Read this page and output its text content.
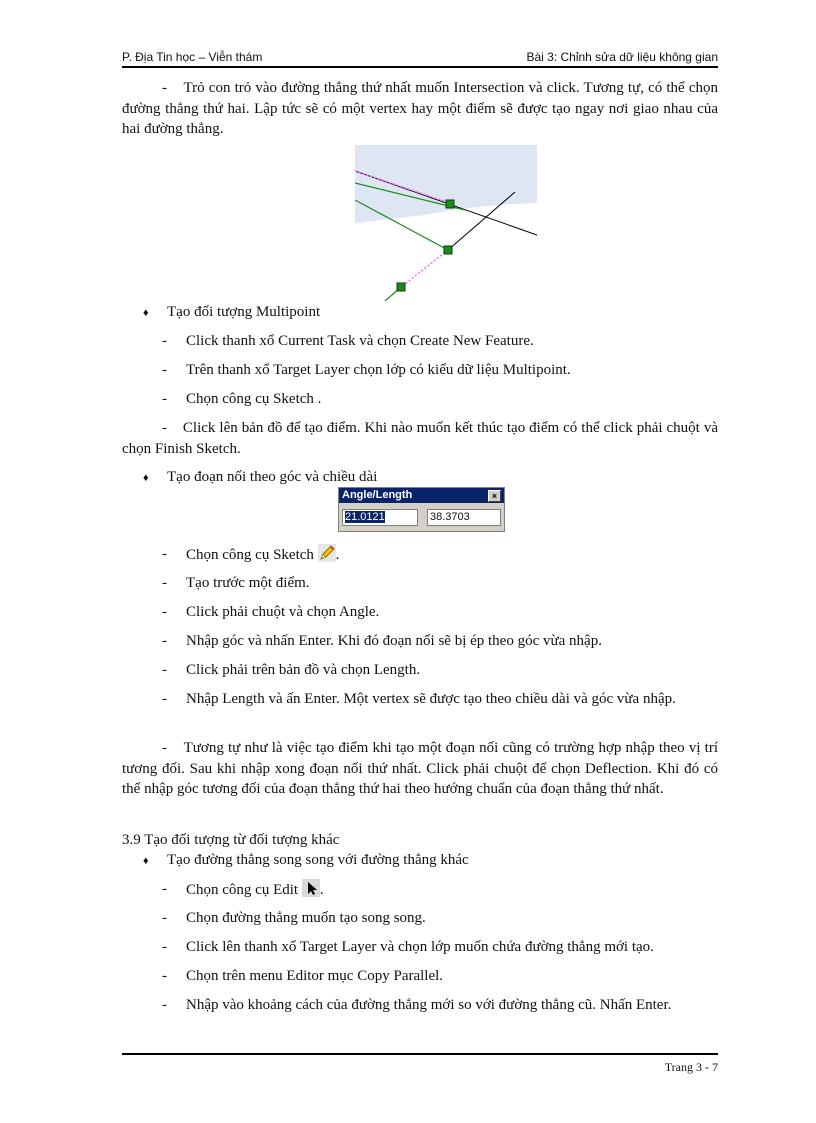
P. Địa Tin học – Viễn thám	Bài 3: Chỉnh sửa dữ liệu không gian

- Trỏ con trỏ vào đường thẳng thứ nhất muốn Intersection và click. Tương tự, có thể chọn đường thẳng thứ hai. Lập tức sẽ có một vertex hay một điểm sẽ được tạo ngay nơi giao nhau của hai đường thẳng.

♦ Tạo đối tượng Multipoint

- Click thanh xổ Current Task và chọn Create New Feature.

- Trên thanh xổ Target Layer chọn lớp có kiểu dữ liệu Multipoint.

- Chọn công cụ Sketch .

-    Click lên bản đồ để tạo điểm. Khi nào muốn kết thúc tạo điểm có thể click phải chuột và chọn Finish Sketch.

♦ Tạo đoạn nối theo góc và chiều dài

Angle/Length	×
21.0121	38.3703

- Chọn công cụ Sketch .

- Tạo trước một điểm.

- Click phải chuột và chọn Angle.

- Nhập góc và nhấn Enter. Khi đó đoạn nối sẽ bị ép theo góc vừa nhập.

- Click phải trên bản đồ và chọn Length.

- Nhập Length và ấn Enter. Một vertex sẽ được tạo theo chiều dài và góc vừa nhập.

-    Tương tự như là việc tạo điểm khi tạo một đoạn nối cũng có trường hợp nhập theo vị trí tương đối. Sau khi nhập xong đoạn nối thứ nhất. Click phải chuột để chọn Deflection. Khi đó có thể nhập góc tương đối của đoạn thẳng thứ hai theo hướng chuẩn của đoạn thẳng thứ nhất.

3.9 Tạo đối tượng từ đối tượng khác

♦ Tạo đường thẳng song song với đường thẳng khác

- Chọn công cụ Edit .

- Chọn đường thẳng muốn tạo song song.

- Click lên thanh xổ Target Layer và chọn lớp muốn chứa đường thẳng mới tạo.

- Chọn trên menu Editor mục Copy Parallel.

- Nhập vào khoảng cách của đường thẳng mới so với đường thẳng cũ. Nhấn Enter.

Trang 3 - 7
